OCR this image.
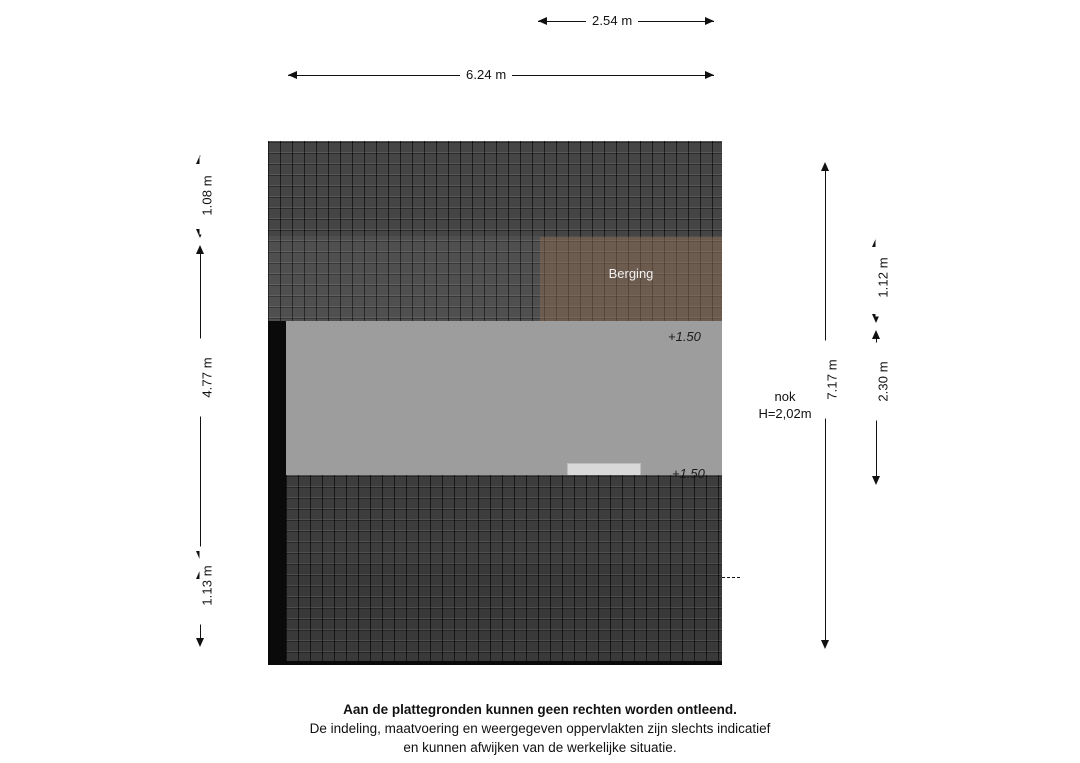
2.54 m
6.24 m
1.08 m
4.77 m
1.13 m
7.17 m
1.12 m
2.30 m
Berging
+1.50
+1.50
nok
H=2,02m
Aan de plattegronden kunnen geen rechten worden ontleend.
De indeling, maatvoering en weergegeven oppervlakten zijn slechts indicatief
en kunnen afwijken van de werkelijke situatie.
